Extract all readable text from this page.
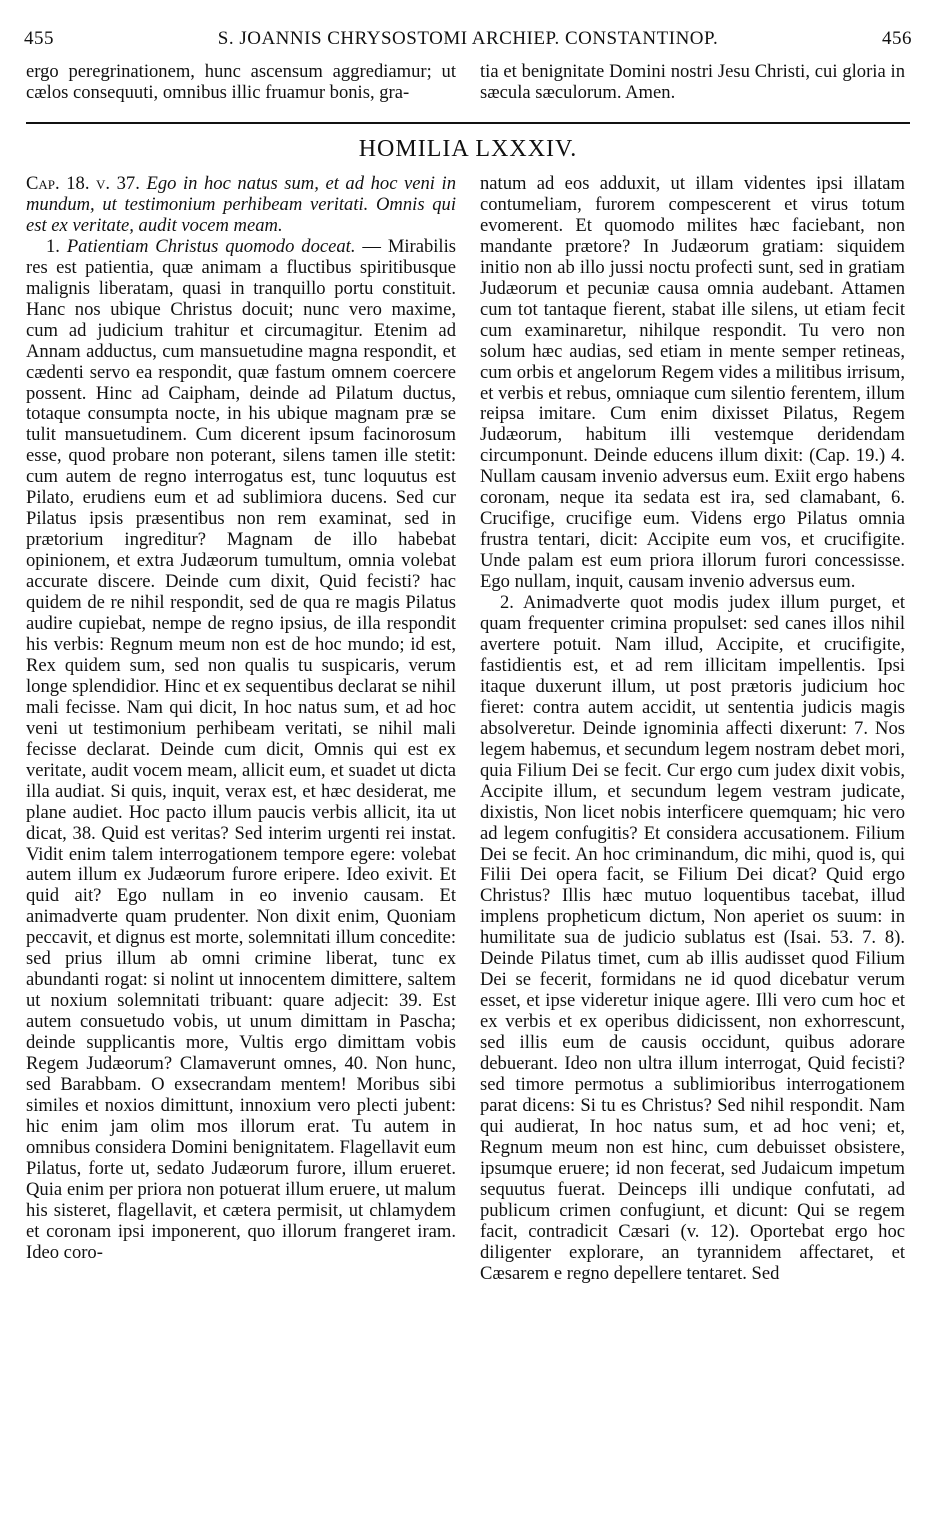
455	S. JOANNIS CHRYSOSTOMI ARCHIEP. CONSTANTINOP.	456

ergo peregrinationem, hunc ascensum aggrediamur; ut cælos consequuti, omnibus illic fruamur bonis, gra-

tia et benignitate Domini nostri Jesu Christi, cui gloria in sæcula sæculorum. Amen.

HOMILIA LXXXIV.

Cap. 18. v. 37. Ego in hoc natus sum, et ad hoc veni in mundum, ut testimonium perhibeam veritati. Omnis qui est ex veritate, audit vocem meam.

1. Patientiam Christus quomodo doceat. — Mirabilis res est patientia, quæ animam a fluctibus spiritibusque malignis liberatam, quasi in tranquillo portu constituit. Hanc nos ubique Christus docuit; nunc vero maxime, cum ad judicium trahitur et circumagitur. Etenim ad Annam adductus, cum mansuetudine magna respondit, et cædenti servo ea respondit, quæ fastum omnem coercere possent. Hinc ad Caipham, deinde ad Pilatum ductus, totaque consumpta nocte, in his ubique magnam præ se tulit mansuetudinem. Cum dicerent ipsum facinorosum esse, quod probare non poterant, silens tamen ille stetit: cum autem de regno interrogatus est, tunc loquutus est Pilato, erudiens eum et ad sublimiora ducens. Sed cur Pilatus ipsis præsentibus non rem examinat, sed in prætorium ingreditur? Magnam de illo habebat opinionem, et extra Judæorum tumultum, omnia volebat accurate discere. Deinde cum dixit, Quid fecisti? hac quidem de re nihil respondit, sed de qua re magis Pilatus audire cupiebat, nempe de regno ipsius, de illa respondit his verbis: Regnum meum non est de hoc mundo; id est, Rex quidem sum, sed non qualis tu suspicaris, verum longe splendidior. Hinc et ex sequentibus declarat se nihil mali fecisse. Nam qui dicit, In hoc natus sum, et ad hoc veni ut testimonium perhibeam veritati, se nihil mali fecisse declarat. Deinde cum dicit, Omnis qui est ex veritate, audit vocem meam, allicit eum, et suadet ut dicta illa audiat. Si quis, inquit, verax est, et hæc desiderat, me plane audiet. Hoc pacto illum paucis verbis allicit, ita ut dicat, 38. Quid est veritas? Sed interim urgenti rei instat. Vidit enim talem interrogationem tempore egere: volebat autem illum ex Judæorum furore eripere. Ideo exivit. Et quid ait? Ego nullam in eo invenio causam. Et animadverte quam prudenter. Non dixit enim, Quoniam peccavit, et dignus est morte, solemnitati illum concedite: sed prius illum ab omni crimine liberat, tunc ex abundanti rogat: si nolint ut innocentem dimittere, saltem ut noxium solemnitati tribuant: quare adjecit: 39. Est autem consuetudo vobis, ut unum dimittam in Pascha; deinde supplicantis more, Vultis ergo dimittam vobis Regem Judæorum? Clamaverunt omnes, 40. Non hunc, sed Barabbam. O exsecrandam mentem! Moribus sibi similes et noxios dimittunt, innoxium vero plecti jubent: hic enim jam olim mos illorum erat. Tu autem in omnibus considera Domini benignitatem. Flagellavit eum Pilatus, forte ut, sedato Judæorum furore, illum erueret. Quia enim per priora non potuerat illum eruere, ut malum his sisteret, flagellavit, et cætera permisit, ut chlamydem et coronam ipsi imponerent, quo illorum frangeret iram. Ideo coro-

natum ad eos adduxit, ut illam videntes ipsi illatam contumeliam, furorem compescerent et virus totum evomerent. Et quomodo milites hæc faciebant, non mandante prætore? In Judæorum gratiam: siquidem initio non ab illo jussi noctu profecti sunt, sed in gratiam Judæorum et pecuniæ causa omnia audebant. Attamen cum tot tantaque fierent, stabat ille silens, ut etiam fecit cum examinaretur, nihilque respondit. Tu vero non solum hæc audias, sed etiam in mente semper retineas, cum orbis et angelorum Regem vides a militibus irrisum, et verbis et rebus, omniaque cum silentio ferentem, illum reipsa imitare. Cum enim dixisset Pilatus, Regem Judæorum, habitum illi vestemque deridendam circumponunt. Deinde educens illum dixit: (Cap. 19.) 4. Nullam causam invenio adversus eum. Exiit ergo habens coronam, neque ita sedata est ira, sed clamabant, 6. Crucifige, crucifige eum. Videns ergo Pilatus omnia frustra tentari, dicit: Accipite eum vos, et crucifigite. Unde palam est eum priora illorum furori concessisse. Ego nullam, inquit, causam invenio adversus eum.

2. Animadverte quot modis judex illum purget, et quam frequenter crimina propulset: sed canes illos nihil avertere potuit. Nam illud, Accipite, et crucifigite, fastidientis est, et ad rem illicitam impellentis. Ipsi itaque duxerunt illum, ut post prætoris judicium hoc fieret: contra autem accidit, ut sententia judicis magis absolveretur. Deinde ignominia affecti dixerunt: 7. Nos legem habemus, et secundum legem nostram debet mori, quia Filium Dei se fecit. Cur ergo cum judex dixit vobis, Accipite illum, et secundum legem vestram judicate, dixistis, Non licet nobis interficere quemquam; hic vero ad legem confugitis? Et considera accusationem. Filium Dei se fecit. An hoc criminandum, dic mihi, quod is, qui Filii Dei opera facit, se Filium Dei dicat? Quid ergo Christus? Illis hæc mutuo loquentibus tacebat, illud implens propheticum dictum, Non aperiet os suum: in humilitate sua de judicio sublatus est (Isai. 53. 7. 8). Deinde Pilatus timet, cum ab illis audisset quod Filium Dei se fecerit, formidans ne id quod dicebatur verum esset, et ipse videretur inique agere. Illi vero cum hoc et ex verbis et ex operibus didicissent, non exhorrescunt, sed illis eum de causis occidunt, quibus adorare debuerant. Ideo non ultra illum interrogat, Quid fecisti? sed timore permotus a sublimioribus interrogationem parat dicens: Si tu es Christus? Sed nihil respondit. Nam qui audierat, In hoc natus sum, et ad hoc veni; et, Regnum meum non est hinc, cum debuisset obsistere, ipsumque eruere; id non fecerat, sed Judaicum impetum sequutus fuerat. Deinceps illi undique confutati, ad publicum crimen confugiunt, et dicunt: Qui se regem facit, contradicit Cæsari (v. 12). Oportebat ergo hoc diligenter explorare, an tyrannidem affectaret, et Cæsarem e regno depellere tentaret. Sed
